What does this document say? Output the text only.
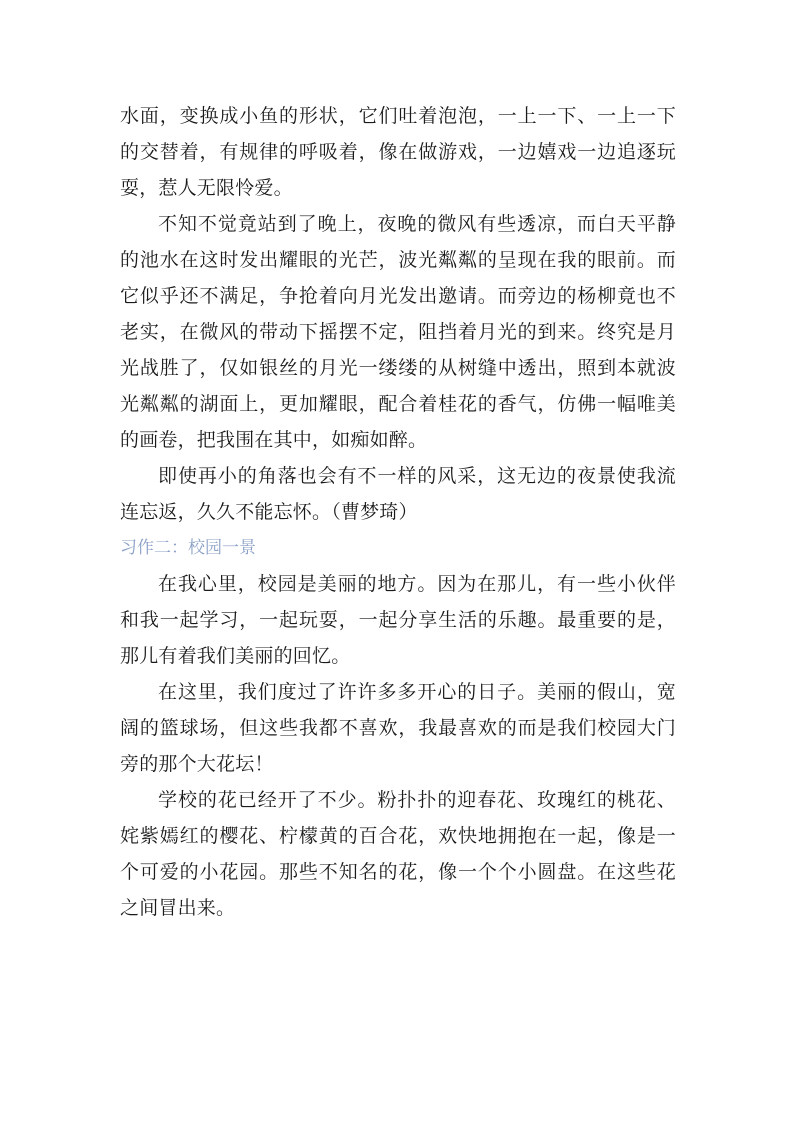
水面，变换成小鱼的形状，它们吐着泡泡，一上一下、一上一下的交替着，有规律的呼吸着，像在做游戏，一边嬉戏一边追逐玩耍，惹人无限怜爱。

不知不觉竟站到了晚上，夜晚的微风有些透凉，而白天平静的池水在这时发出耀眼的光芒，波光粼粼的呈现在我的眼前。而它似乎还不满足，争抢着向月光发出邀请。而旁边的杨柳竟也不老实，在微风的带动下摇摆不定，阻挡着月光的到来。终究是月光战胜了，仅如银丝的月光一缕缕的从树缝中透出，照到本就波光粼粼的湖面上，更加耀眼，配合着桂花的香气，仿佛一幅唯美的画卷，把我围在其中，如痴如醉。

即使再小的角落也会有不一样的风采，这无边的夜景使我流连忘返，久久不能忘怀。（曹梦琦）

习作二：校园一景

在我心里，校园是美丽的地方。因为在那儿，有一些小伙伴和我一起学习，一起玩耍，一起分享生活的乐趣。最重要的是，那儿有着我们美丽的回忆。

在这里，我们度过了许许多多开心的日子。美丽的假山，宽阔的篮球场，但这些我都不喜欢，我最喜欢的而是我们校园大门旁的那个大花坛！

学校的花已经开了不少。粉扑扑的迎春花、玫瑰红的桃花、姹紫嫣红的樱花、柠檬黄的百合花，欢快地拥抱在一起，像是一个可爱的小花园。那些不知名的花，像一个个小圆盘。在这些花之间冒出来。
